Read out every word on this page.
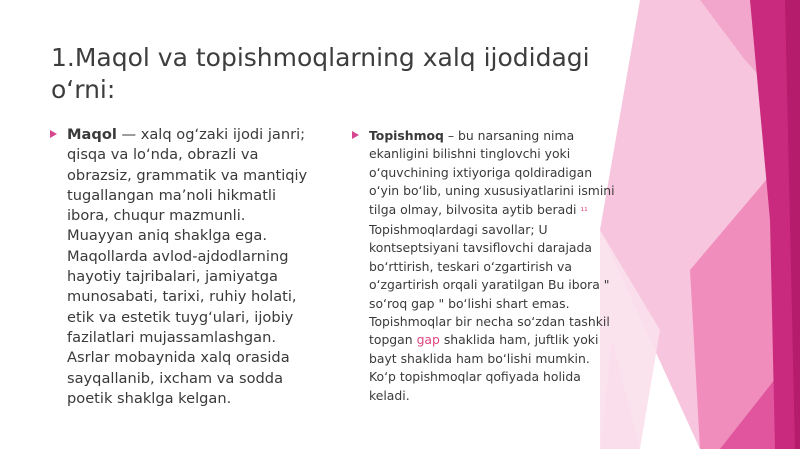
1.Maqol va topishmoqlarning xalq ijodidagi o‘rni:
Maqol — xalq og‘zaki ijodi janri; qisqa va lo‘nda, obrazli va obrazsiz, grammatik va mantiqiy tugallangan ma’noli hikmatli ibora, chuqur mazmunli. Muayyan aniq shaklga ega. Maqollarda avlod-ajdodlarning hayotiy tajribalari, jamiyatga munosabati, tarixi, ruhiy holati, etik va estetik tuyg‘ulari, ijobiy fazilatlari mujassamlashgan. Asrlar mobaynida xalq orasida sayqallanib, ixcham va sodda poetik shaklga kelgan.
Topishmoq – bu narsaning nima ekanligini bilishni tinglovchi yoki o‘quvchining ixtiyoriga qoldiradigan o‘yin bo‘lib, uning xususiyatlarini ismini tilga olmay, bilvosita aytib beradi ¹¹ Topishmoqlardagi savollar; U kontseptsiyani tavsiflovchi darajada bo‘rttirish, teskari o‘zgartirish va o‘zgartirish orqali yaratilgan Bu ibora " so‘roq gap " bo‘lishi shart emas. Topishmoqlar bir necha so‘zdan tashkil topgan gap shaklida ham, juftlik yoki bayt shaklida ham bo‘lishi mumkin. Ko‘p topishmoqlar qofiyada holida keladi.
